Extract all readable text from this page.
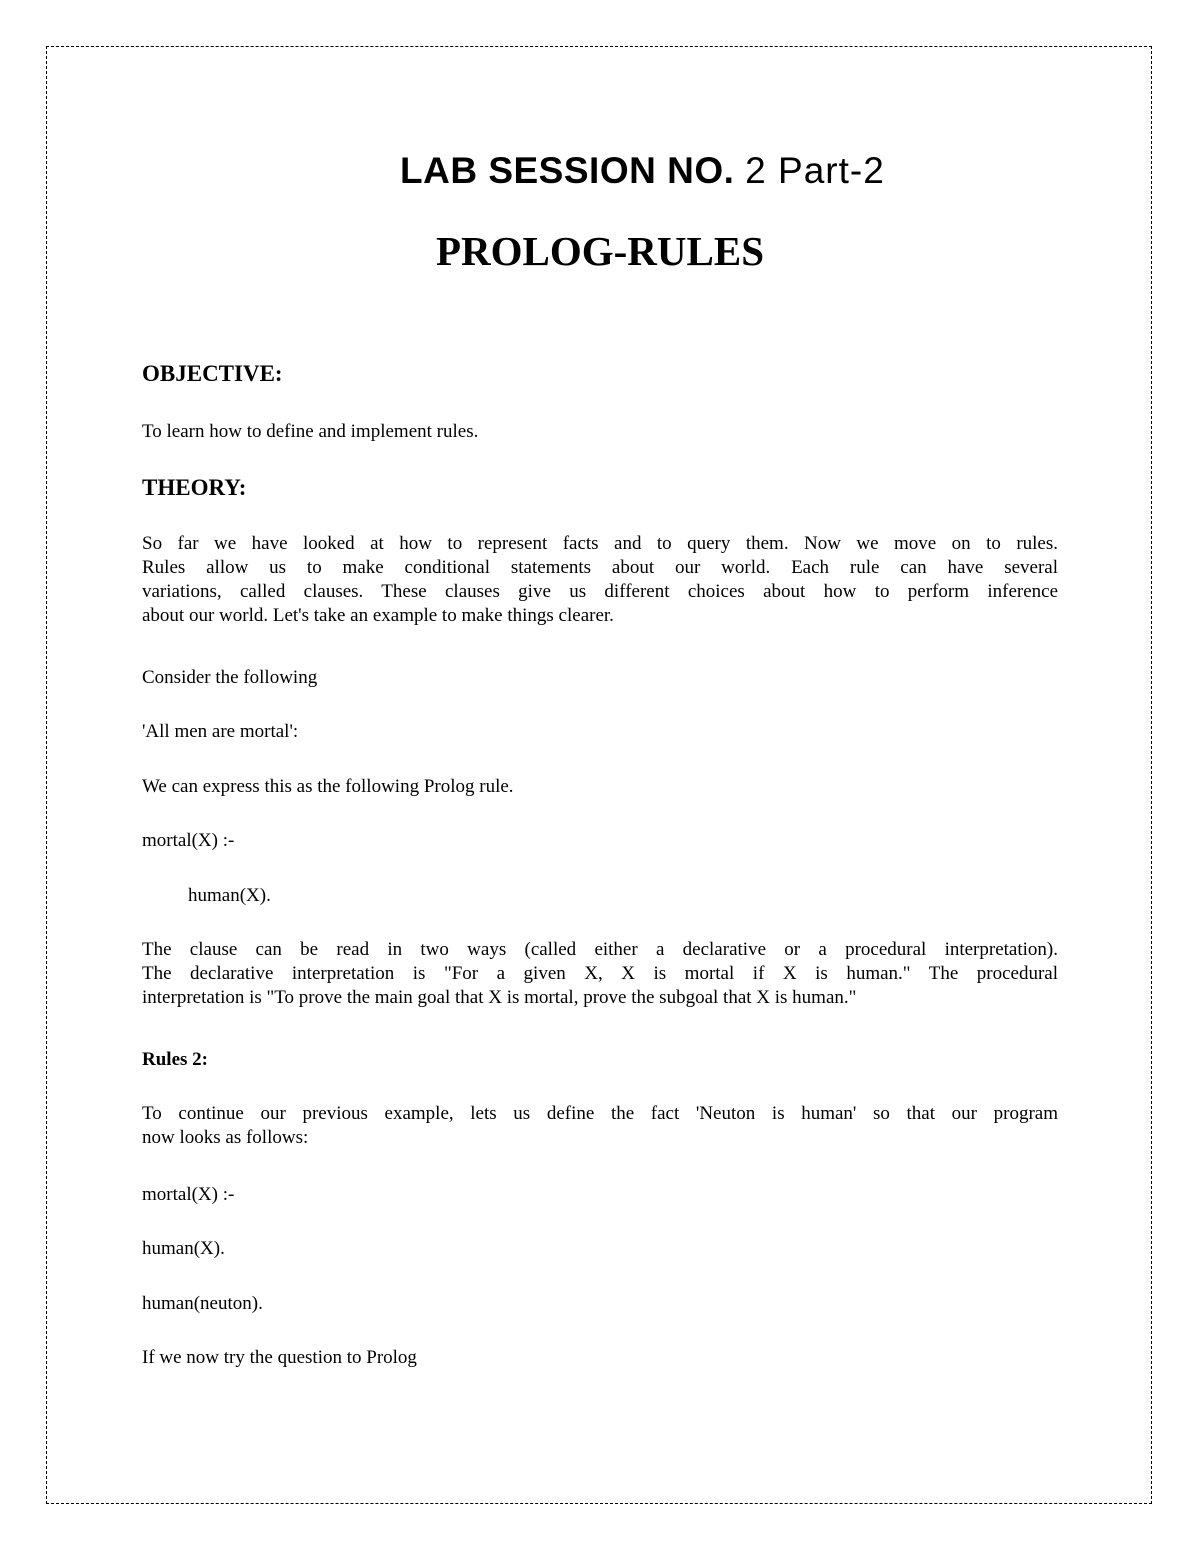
LAB SESSION NO. 2 Part-2
PROLOG-RULES
OBJECTIVE:
To learn how to define and implement rules.
THEORY:
So far we have looked at how to represent facts and to query them. Now we move on to rules.
Rules allow us to make conditional statements about our world. Each rule can have several
variations, called clauses. These clauses give us different choices about how to perform inference
about our world. Let's take an example to make things clearer.
Consider the following
'All men are mortal':
We can express this as the following Prolog rule.
mortal(X) :-
human(X).
The clause can be read in two ways (called either a declarative or a procedural interpretation).
The declarative interpretation is "For a given X, X is mortal if X is human." The procedural
interpretation is "To prove the main goal that X is mortal, prove the subgoal that X is human."
Rules 2:
To continue our previous example, lets us define the fact 'Neuton is human' so that our program
now looks as follows:
mortal(X) :-
human(X).
human(neuton).
If we now try the question to Prolog
